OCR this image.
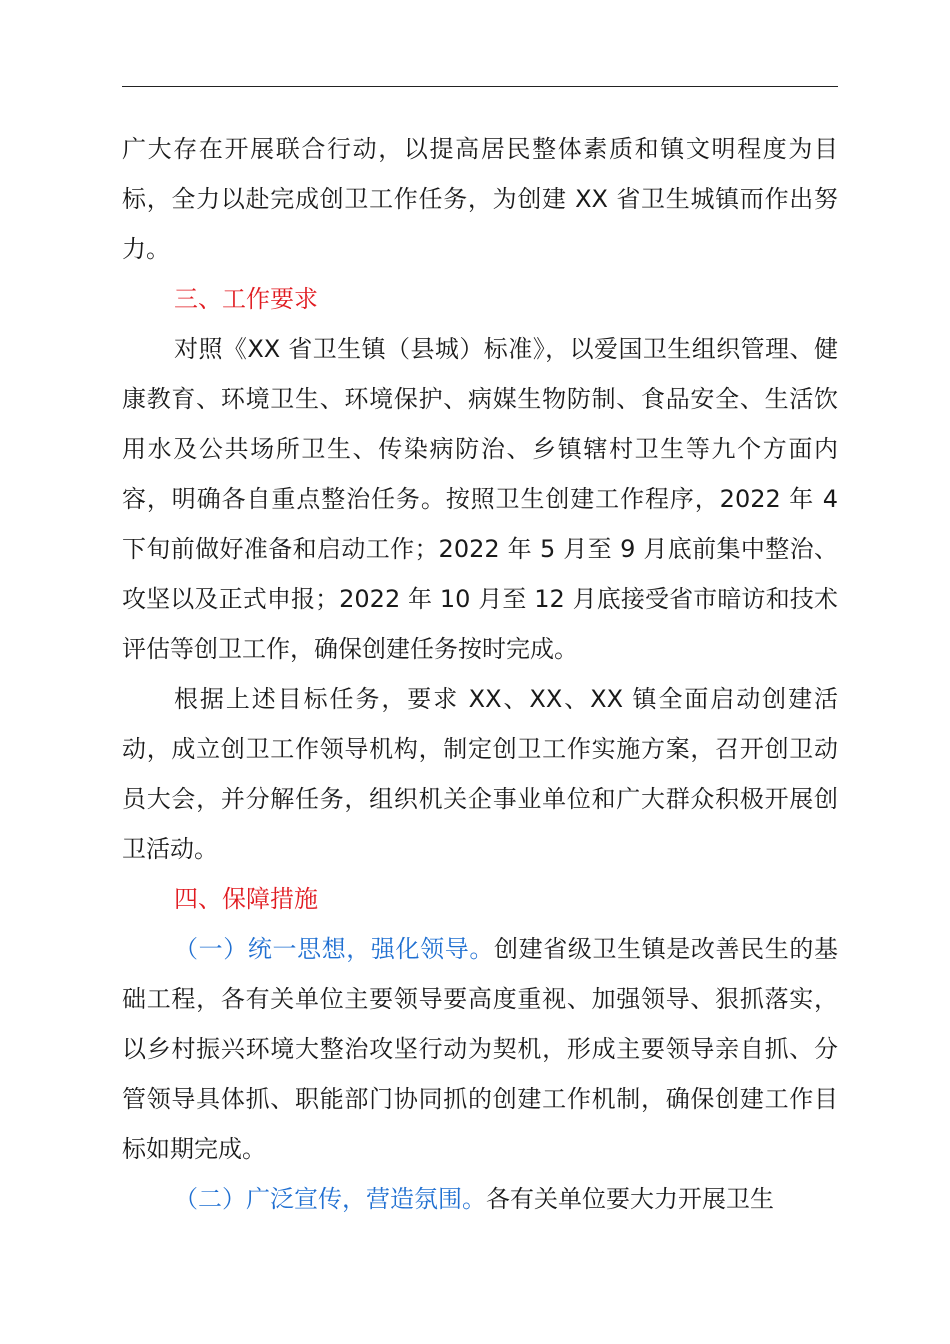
广大存在开展联合行动，以提高居民整体素质和镇文明程度为目标，全力以赴完成创卫工作任务，为创建 XX 省卫生城镇而作出努力。

三、工作要求

对照《XX 省卫生镇（县城）标准》，以爱国卫生组织管理、健康教育、环境卫生、环境保护、病媒生物防制、食品安全、生活饮用水及公共场所卫生、传染病防治、乡镇辖村卫生等九个方面内容，明确各自重点整治任务。按照卫生创建工作程序，2022 年 4 下旬前做好准备和启动工作；2022 年 5 月至 9 月底前集中整治、攻坚以及正式申报；2022 年 10 月至 12 月底接受省市暗访和技术评估等创卫工作，确保创建任务按时完成。

根据上述目标任务，要求 XX、XX、XX 镇全面启动创建活动，成立创卫工作领导机构，制定创卫工作实施方案，召开创卫动员大会，并分解任务，组织机关企事业单位和广大群众积极开展创卫活动。

四、保障措施

（一）统一思想，强化领导。创建省级卫生镇是改善民生的基础工程，各有关单位主要领导要高度重视、加强领导、狠抓落实，以乡村振兴环境大整治攻坚行动为契机，形成主要领导亲自抓、分管领导具体抓、职能部门协同抓的创建工作机制，确保创建工作目标如期完成。

（二）广泛宣传，营造氛围。各有关单位要大力开展卫生
